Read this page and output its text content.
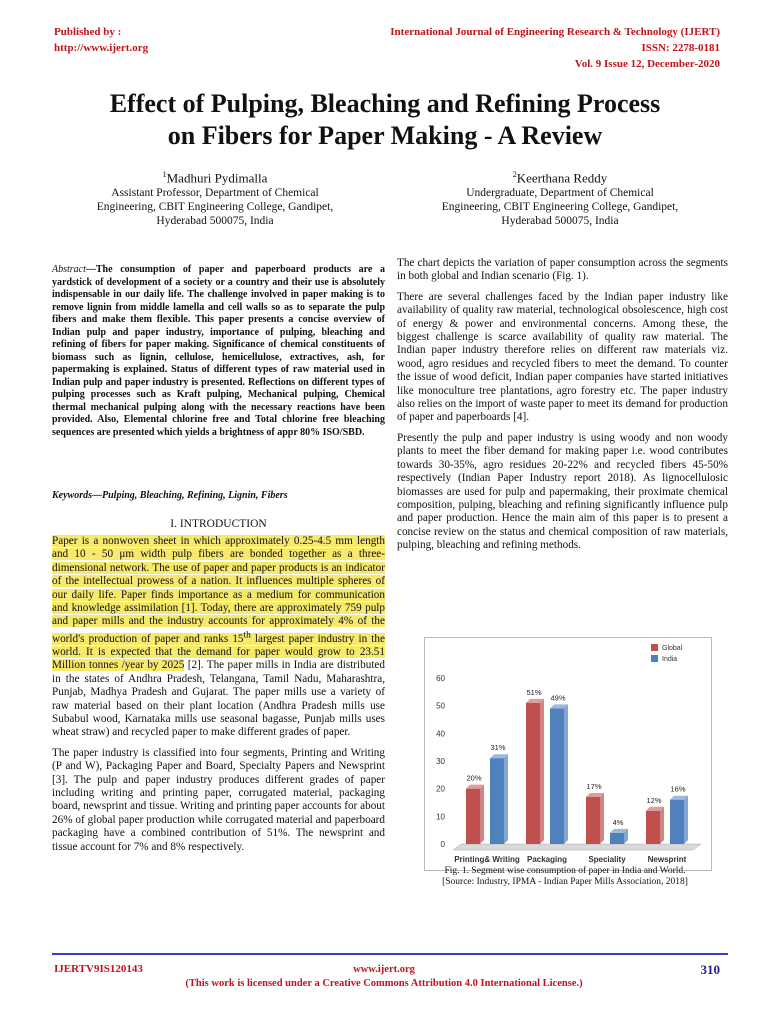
Published by :
http://www.ijert.org
International Journal of Engineering Research & Technology (IJERT)
ISSN: 2278-0181
Vol. 9 Issue 12, December-2020
Effect of Pulping, Bleaching and Refining Process
on Fibers for Paper Making - A Review
$^1$Madhuri Pydimalla
Assistant Professor, Department of Chemical
Engineering, CBIT Engineering College, Gandipet,
Hyderabad 500075, India
$^2$Keerthana Reddy
Undergraduate, Department of Chemical
Engineering, CBIT Engineering College, Gandipet,
Hyderabad 500075, India
Abstract—The consumption of paper and paperboard products are a yardstick of development of a society or a country and their use is absolutely indispensable in our daily life. The challenge involved in paper making is to remove lignin from middle lamella and cell walls so as to separate the pulp fibers and make them flexible. This paper presents a concise overview of Indian pulp and paper industry, importance of pulping, bleaching and refining of fibers for paper making. Significance of chemical constituents of biomass such as lignin, cellulose, hemicellulose, extractives, ash, for papermaking is explained. Status of different types of raw material used in Indian pulp and paper industry is presented. Reflections on different types of pulping processes such as Kraft pulping, Mechanical pulping, Chemical thermal mechanical pulping along with the necessary reactions have been provided. Also, Elemental chlorine free and Total chlorine free bleaching sequences are presented which yields a brightness of appr 80% ISO/SBD.
Keywords—Pulping, Bleaching, Refining, Lignin, Fibers
I. INTRODUCTION

Paper is a nonwoven sheet in which approximately 0.25-4.5 mm length and 10 - 50 μm width pulp fibers are bonded together as a three-dimensional network. The use of paper and paper products is an indicator of the intellectual prowess of a nation. It influences multiple spheres of our daily life. Paper finds importance as a medium for communication and knowledge assimilation [1]. Today, there are approximately 759 pulp and paper mills and the industry accounts for approximately 4% of the world's production of paper and ranks 15th largest paper industry in the world. It is expected that the demand for paper would grow to 23.51 Million tonnes /year by 2025 [2]. The paper mills in India are distributed in the states of Andhra Pradesh, Telangana, Tamil Nadu, Maharashtra, Punjab, Madhya Pradesh and Gujarat. The paper mills use a variety of raw material based on their plant location (Andhra Pradesh mills use Subabul wood, Karnataka mills use seasonal bagasse, Punjab mills uses wheat straw) and recycled paper to make different grades of paper.

The paper industry is classified into four segments, Printing and Writing (P and W), Packaging Paper and Board, Specialty Papers and Newsprint [3]. The pulp and paper industry produces different grades of paper including writing and printing paper, corrugated material, packaging board, newsprint and tissue. Writing and printing paper accounts for about 26% of global paper production while corrugated material and paperboard packaging have a combined contribution of 51%. The newsprint and tissue account for 7% and 8% respectively.

The chart depicts the variation of paper consumption across the segments in both global and Indian scenario (Fig. 1).

There are several challenges faced by the Indian paper industry like availability of quality raw material, technological obsolescence, high cost of energy & power and environmental concerns. Among these, the biggest challenge is scarce availability of quality raw material. The Indian paper industry therefore relies on different raw materials viz. wood, agro residues and recycled fibers to meet the demand. To counter the issue of wood deficit, Indian paper companies have started initiatives like monoculture tree plantations, agro forestry etc. The paper industry also relies on the import of waste paper to meet its demand for production of paper and paperboards [4].

Presently the pulp and paper industry is using woody and non woody plants to meet the fiber demand for making paper i.e. wood contributes towards 30-35%, agro residues 20-22% and recycled fibers 45-50% respectively (Indian Paper Industry report 2018). As lignocellulosic biomasses are used for pulp and papermaking, their proximate chemical composition, pulping, bleaching and refining significantly influence pulp and paper production. Hence the main aim of this paper is to present a concise review on the status and chemical composition of raw materials, pulping, bleaching and refining methods.

0
10
20
30
40
50
60
20%
31%
Printing& Writing
51%
49%
Packaging
17%
4%
Speciality
12%
16%
Newsprint
Global
India
Fig. 1. Segment wise consumption of paper in India and World.
[Source: Industry, IPMA - Indian Paper Mills Association, 2018]
IJERTV9IS120143	www.ijert.org
(This work is licensed under a Creative Commons Attribution 4.0 International License.)
310
